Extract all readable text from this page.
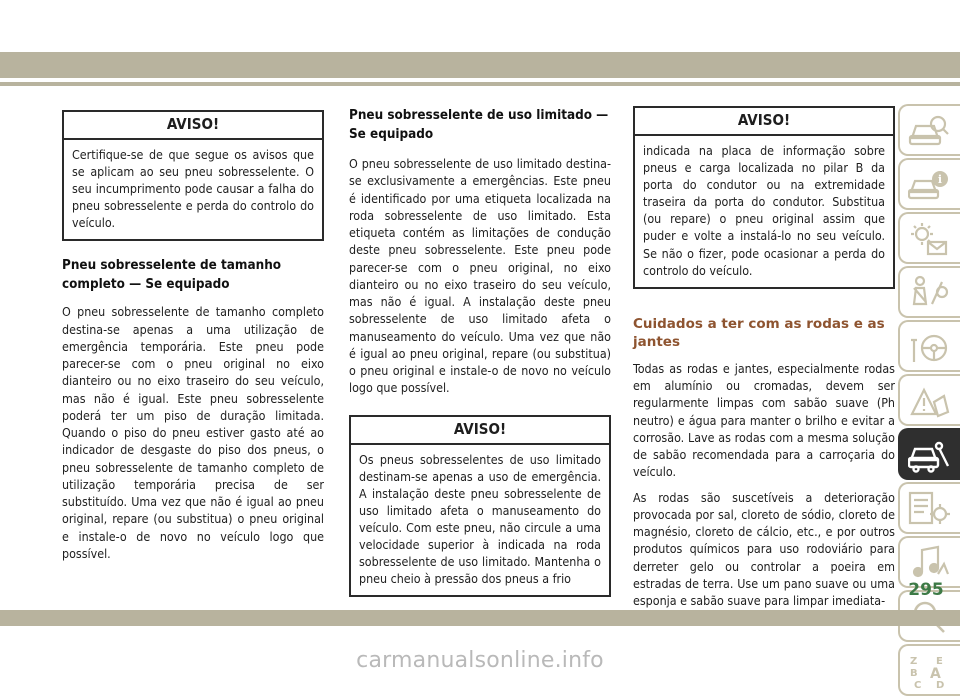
AVISO!
Certifique-se de que segue os avisos que se aplicam ao seu pneu sobresselente. O seu incumprimento pode causar a falha do pneu sobresselente e perda do controlo do veículo.
Pneu sobresselente de tamanho completo — Se equipado

O pneu sobresselente de tamanho completo destina-se apenas a uma utilização de emergência temporária. Este pneu pode parecer-se com o pneu original no eixo dianteiro ou no eixo traseiro do seu veículo, mas não é igual. Este pneu sobresselente poderá ter um piso de duração limitada. Quando o piso do pneu estiver gasto até ao indicador de desgaste do piso dos pneus, o pneu sobresselente de tamanho completo de utilização temporária precisa de ser substituído. Uma vez que não é igual ao pneu original, repare (ou substitua) o pneu original e instale-o de novo no veículo logo que possível.

Pneu sobresselente de uso limitado — Se equipado

O pneu sobresselente de uso limitado destina-se exclusivamente a emergências. Este pneu é identificado por uma etiqueta localizada na roda sobresselente de uso limitado. Esta etiqueta contém as limitações de condução deste pneu sobresselente. Este pneu pode parecer-se com o pneu original, no eixo dianteiro ou no eixo traseiro do seu veículo, mas não é igual. A instalação deste pneu sobresselente de uso limitado afeta o manuseamento do veículo. Uma vez que não é igual ao pneu original, repare (ou substitua) o pneu original e instale-o de novo no veículo logo que possível.

AVISO!
Os pneus sobresselentes de uso limitado destinam-se apenas a uso de emergência. A instalação deste pneu sobresselente de uso limitado afeta o manuseamento do veículo. Com este pneu, não circule a uma velocidade superior à indicada na roda sobresselente de uso limitado. Mantenha o pneu cheio à pressão dos pneus a frio
AVISO!
indicada na placa de informação sobre pneus e carga localizada no pilar B da porta do condutor ou na extremidade traseira da porta do condutor. Substitua (ou repare) o pneu original assim que puder e volte a instalá-lo no seu veículo. Se não o fizer, pode ocasionar a perda do controlo do veículo.
Cuidados a ter com as rodas e as jantes

Todas as rodas e jantes, especialmente rodas em alumínio ou cromadas, devem ser regularmente limpas com sabão suave (Ph neutro) e água para manter o brilho e evitar a corrosão. Lave as rodas com a mesma solução de sabão recomendada para a carroçaria do veículo.

As rodas são suscetíveis a deterioração provocada por sal, cloreto de sódio, cloreto de magnésio, cloreto de cálcio, etc., e por outros produtos químicos para uso rodoviário para derreter gelo ou controlar a poeira em estradas de terra. Use um pano suave ou uma esponja e sabão suave para limpar imediata-

i
Z E
B A
C D
295
carmanualsonline.info
